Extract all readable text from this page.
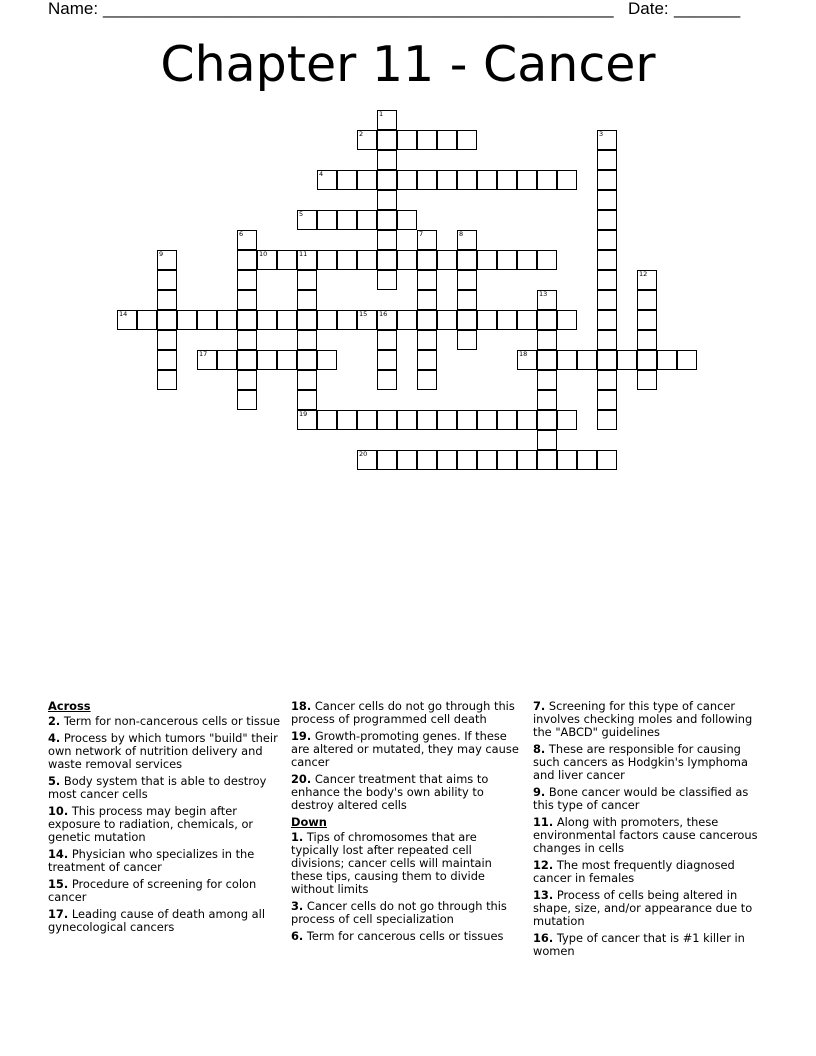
Name: ______________________________________________________ Date: _______
Chapter 11 - Cancer
2
4
5
10	11
14	15 16
17	18
19
20
1
3
6	7	8
9
12
13
Across
2. Term for non-cancerous cells or tissue
4. Process by which tumors "build" their own network of nutrition delivery and waste removal services
5. Body system that is able to destroy most cancer cells
10. This process may begin after exposure to radiation, chemicals, or genetic mutation
14. Physician who specializes in the treatment of cancer
15. Procedure of screening for colon cancer
17. Leading cause of death among all gynecological cancers
18. Cancer cells do not go through this process of programmed cell death
19. Growth-promoting genes. If these are altered or mutated, they may cause cancer
20. Cancer treatment that aims to enhance the body's own ability to destroy altered cells
Down
1. Tips of chromosomes that are typically lost after repeated cell divisions; cancer cells will maintain these tips, causing them to divide without limits
3. Cancer cells do not go through this process of cell specialization
6. Term for cancerous cells or tissues
7. Screening for this type of cancer involves checking moles and following the "ABCD" guidelines
8. These are responsible for causing such cancers as Hodgkin's lymphoma and liver cancer
9. Bone cancer would be classified as this type of cancer
11. Along with promoters, these environmental factors cause cancerous changes in cells
12. The most frequently diagnosed cancer in females
13. Process of cells being altered in shape, size, and/or appearance due to mutation
16. Type of cancer that is #1 killer in women
